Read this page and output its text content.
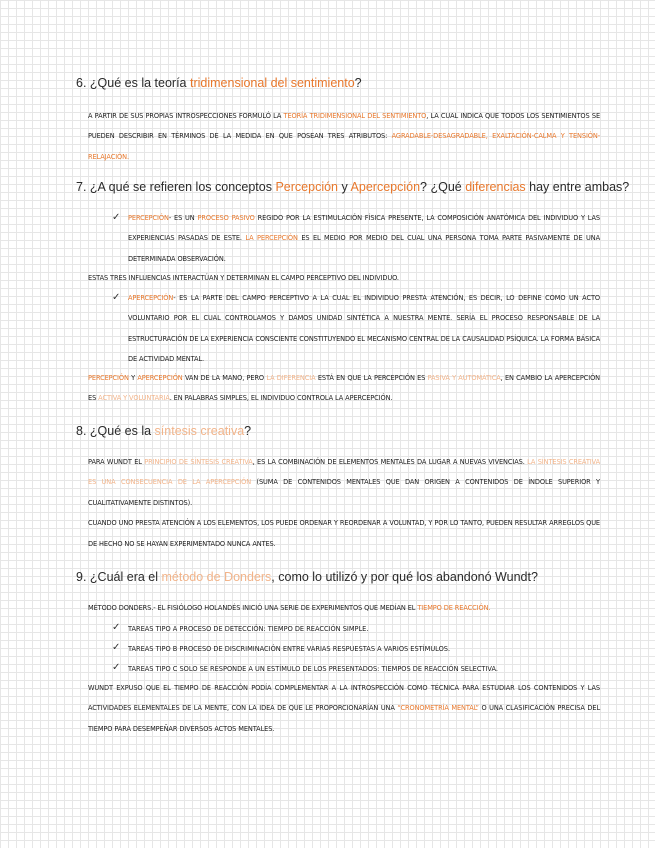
6. ¿Qué es la teoría tridimensional del sentimiento?

A PARTIR DE SUS PROPIAS INTROSPECCIONES FORMULÓ LA TEORÍA TRIDIMENSIONAL DEL SENTIMIENTO, LA CUAL INDICA QUE TODOS LOS SENTIMIENTOS SE PUEDEN DESCRIBIR EN TÉRMINOS DE LA MEDIDA EN QUE POSEAN TRES ATRIBUTOS: AGRADABLE-DESAGRADABLE, EXALTACIÓN-CALMA Y TENSIÓN-RELAJACIÓN.

7. ¿A qué se refieren los conceptos Percepción y Apercepción? ¿Qué diferencias hay entre ambas?
✓ PERCEPCIÓN- ES UN PROCESO PASIVO REGIDO POR LA ESTIMULACIÓN FÍSICA PRESENTE, LA COMPOSICIÓN ANATÓMICA DEL INDIVIDUO Y LAS EXPERIENCIAS PASADAS DE ESTE. LA PERCEPCIÓN ES EL MEDIO POR MEDIO DEL CUAL UNA PERSONA TOMA PARTE PASIVAMENTE DE UNA DETERMINADA OBSERVACIÓN.

ESTAS TRES INFLUENCIAS INTERACTÚAN Y DETERMINAN EL CAMPO PERCEPTIVO DEL INDIVIDUO.

✓ APERCEPCIÓN- ES LA PARTE DEL CAMPO PERCEPTIVO A LA CUAL EL INDIVIDUO PRESTA ATENCIÓN, ES DECIR, LO DEFINE COMO UN ACTO VOLUNTARIO POR EL CUAL CONTROLAMOS Y DAMOS UNIDAD SINTÉTICA A NUESTRA MENTE. SERÍA EL PROCESO RESPONSABLE DE LA ESTRUCTURACIÓN DE LA EXPERIENCIA CONSCIENTE CONSTITUYENDO EL MECANISMO CENTRAL DE LA CAUSALIDAD PSÍQUICA. LA FORMA BÁSICA DE ACTIVIDAD MENTAL.

PERCEPCIÓN Y APERCEPCIÓN VAN DE LA MANO, PERO LA DIFERENCIA ESTÁ EN QUE LA PERCEPCIÓN ES PASIVA Y AUTOMÁTICA, EN CAMBIO LA APERCEPCIÓN ES ACTIVA Y VOLUNTARIA. EN PALABRAS SIMPLES, EL INDIVIDUO CONTROLA LA APERCEPCIÓN.

8. ¿Qué es la síntesis creativa?

PARA WUNDT EL PRINCIPIO DE SÍNTESIS CREATIVA, ES LA COMBINACIÓN DE ELEMENTOS MENTALES DA LUGAR A NUEVAS VIVENCIAS. LA SÍNTESIS CREATIVA ES UNA CONSECUENCIA DE LA APERCEPCIÓN (SUMA DE CONTENIDOS MENTALES QUE DAN ORIGEN A CONTENIDOS DE ÍNDOLE SUPERIOR Y CUALITATIVAMENTE DISTINTOS).
CUANDO UNO PRESTA ATENCIÓN A LOS ELEMENTOS, LOS PUEDE ORDENAR Y REORDENAR A VOLUNTAD, Y POR LO TANTO, PUEDEN RESULTAR ARREGLOS QUE DE HECHO NO SE HAYAN EXPERIMENTADO NUNCA ANTES.

9. ¿Cuál era el método de Donders, como lo utilizó y por qué los abandonó Wundt?

MÉTODO DONDERS.- EL FISIÓLOGO HOLANDÉS INICIÓ UNA SERIE DE EXPERIMENTOS QUE MEDÍAN EL TIEMPO DE REACCIÓN.

✓ TAREAS TIPO A PROCESO DE DETECCIÓN: TIEMPO DE REACCIÓN SIMPLE.
✓ TAREAS TIPO B PROCESO DE DISCRIMINACIÓN ENTRE VARIAS RESPUESTAS A VARIOS ESTÍMULOS.
✓ TAREAS TIPO C SOLO SE RESPONDE A UN ESTÍMULO DE LOS PRESENTADOS: TIEMPOS DE REACCIÓN SELECTIVA.

WUNDT EXPUSO QUE EL TIEMPO DE REACCIÓN PODÍA COMPLEMENTAR A LA INTROSPECCIÓN COMO TÉCNICA PARA ESTUDIAR LOS CONTENIDOS Y LAS ACTIVIDADES ELEMENTALES DE LA MENTE, CON LA IDEA DE QUE LE PROPORCIONARÍAN UNA “CRONOMETRÍA MENTAL” O UNA CLASIFICACIÓN PRECISA DEL TIEMPO PARA DESEMPEÑAR DIVERSOS ACTOS MENTALES.
